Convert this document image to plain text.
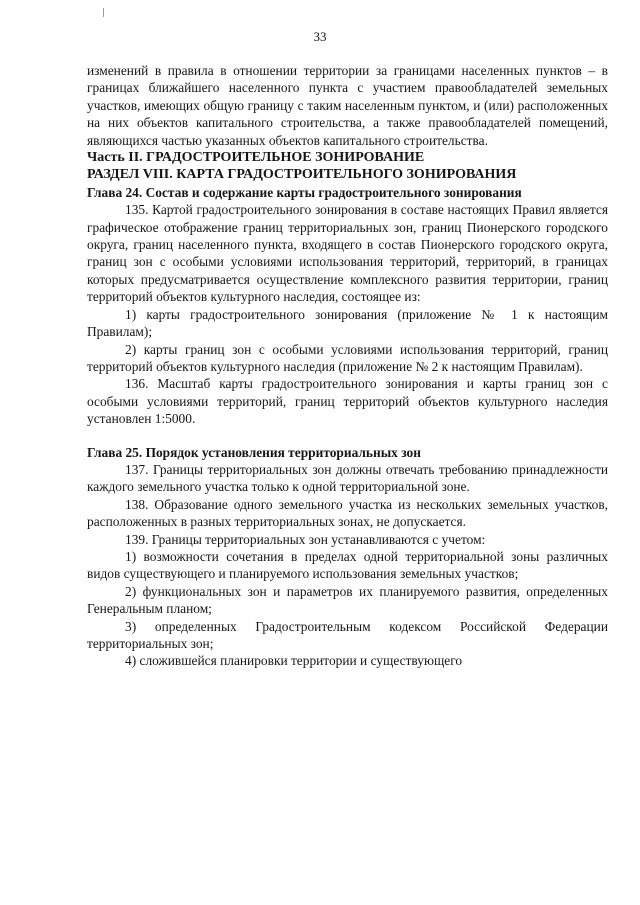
33

изменений в правила в отношении территории за границами населенных пунктов – в границах ближайшего населенного пункта с участием правообладателей земельных участков, имеющих общую границу с таким населенным пунктом, и (или) расположенных на них объектов капитального строительства, а также правообладателей помещений, являющихся частью указанных объектов капитального строительства.

Часть II. ГРАДОСТРОИТЕЛЬНОЕ ЗОНИРОВАНИЕ

РАЗДЕЛ VIII. КАРТА ГРАДОСТРОИТЕЛЬНОГО ЗОНИРОВАНИЯ

Глава 24. Состав и содержание карты градостроительного зонирования

135. Картой градостроительного зонирования в составе настоящих Правил является графическое отображение границ территориальных зон, границ Пионерского городского округа, границ населенного пункта, входящего в состав Пионерского городского округа, границ зон с особыми условиями использования территорий, территорий, в границах которых предусматривается осуществление комплексного развития территории, границ территорий объектов культурного наследия, состоящее из:

1) карты градостроительного зонирования (приложение № 1 к настоящим Правилам);

2) карты границ зон с особыми условиями использования территорий, границ территорий объектов культурного наследия (приложение № 2 к настоящим Правилам).

136. Масштаб карты градостроительного зонирования и карты границ зон с особыми условиями территорий, границ территорий объектов культурного наследия установлен 1:5000.

Глава 25. Порядок установления территориальных зон

137. Границы территориальных зон должны отвечать требованию принадлежности каждого земельного участка только к одной территориальной зоне.

138. Образование одного земельного участка из нескольких земельных участков, расположенных в разных территориальных зонах, не допускается.

139. Границы территориальных зон устанавливаются с учетом:

1) возможности сочетания в пределах одной территориальной зоны различных видов существующего и планируемого использования земельных участков;

2) функциональных зон и параметров их планируемого развития, определенных Генеральным планом;

3) определенных Градостроительным кодексом Российской Федерации территориальных зон;

4) сложившейся планировки территории и существующего
